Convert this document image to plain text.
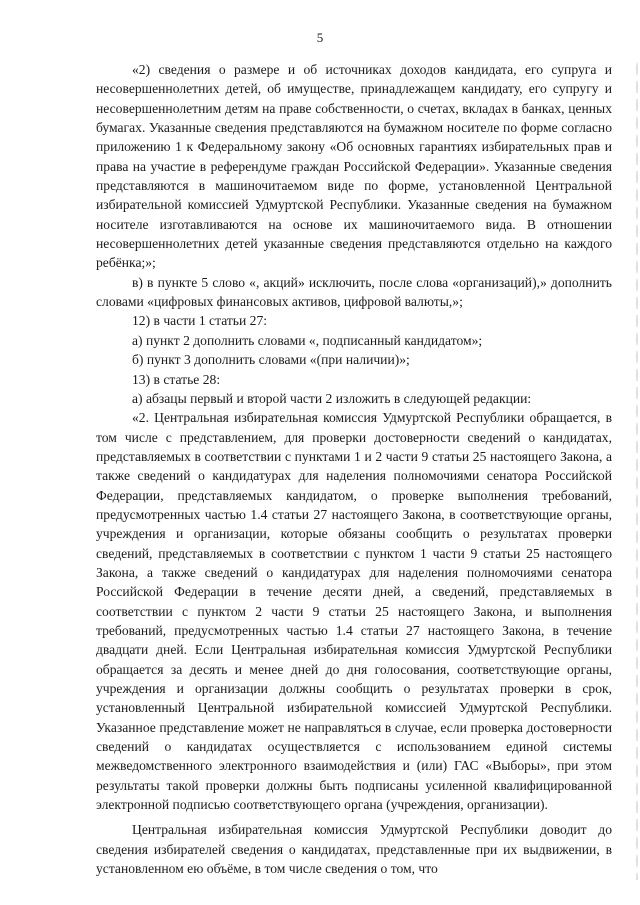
5

«2) сведения о размере и об источниках доходов кандидата, его супруга и несовершеннолетних детей, об имуществе, принадлежащем кандидату, его супругу и несовершеннолетним детям на праве собственности, о счетах, вкладах в банках, ценных бумагах. Указанные сведения представляются на бумажном носителе по форме согласно приложению 1 к Федеральному закону «Об основных гарантиях избирательных прав и права на участие в референдуме граждан Российской Федерации». Указанные сведения представляются в машиночитаемом виде по форме, установленной Центральной избирательной комиссией Удмуртской Республики. Указанные сведения на бумажном носителе изготавливаются на основе их машиночитаемого вида. В отношении несовершеннолетних детей указанные сведения представляются отдельно на каждого ребёнка;»;

в) в пункте 5 слово «, акций» исключить, после слова «организаций),» дополнить словами «цифровых финансовых активов, цифровой валюты,»;

12) в части 1 статьи 27:

а) пункт 2 дополнить словами «, подписанный кандидатом»;

б) пункт 3 дополнить словами «(при наличии)»;

13) в статье 28:

а) абзацы первый и второй части 2 изложить в следующей редакции:

«2. Центральная избирательная комиссия Удмуртской Республики обращается, в том числе с представлением, для проверки достоверности сведений о кандидатах, представляемых в соответствии с пунктами 1 и 2 части 9 статьи 25 настоящего Закона, а также сведений о кандидатурах для наделения полномочиями сенатора Российской Федерации, представляемых кандидатом, о проверке выполнения требований, предусмотренных частью 1.4 статьи 27 настоящего Закона, в соответствующие органы, учреждения и организации, которые обязаны сообщить о результатах проверки сведений, представляемых в соответствии с пунктом 1 части 9 статьи 25 настоящего Закона, а также сведений о кандидатурах для наделения полномочиями сенатора Российской Федерации в течение десяти дней, а сведений, представляемых в соответствии с пунктом 2 части 9 статьи 25 настоящего Закона, и выполнения требований, предусмотренных частью 1.4 статьи 27 настоящего Закона, в течение двадцати дней. Если Центральная избирательная комиссия Удмуртской Республики обращается за десять и менее дней до дня голосования, соответствующие органы, учреждения и организации должны сообщить о результатах проверки в срок, установленный Центральной избирательной комиссией Удмуртской Республики. Указанное представление может не направляться в случае, если проверка достоверности сведений о кандидатах осуществляется с использованием единой системы межведомственного электронного взаимодействия и (или) ГАС «Выборы», при этом результаты такой проверки должны быть подписаны усиленной квалифицированной электронной подписью соответствующего органа (учреждения, организации).

Центральная избирательная комиссия Удмуртской Республики доводит до сведения избирателей сведения о кандидатах, представленные при их выдвижении, в установленном ею объёме, в том числе сведения о том, что
